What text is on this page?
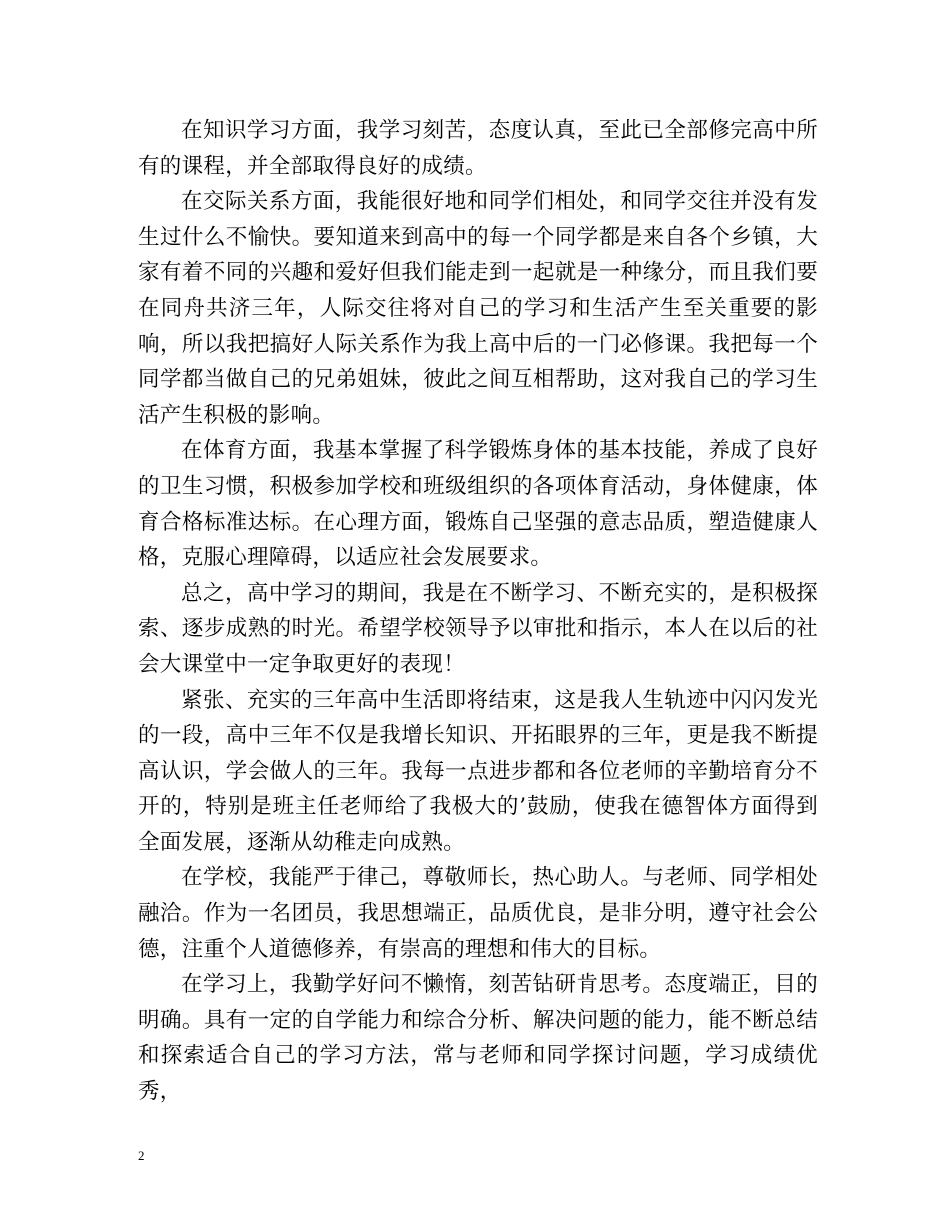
在知识学习方面，我学习刻苦，态度认真，至此已全部修完高中所有的课程，并全部取得良好的成绩。

在交际关系方面，我能很好地和同学们相处，和同学交往并没有发生过什么不愉快。要知道来到高中的每一个同学都是来自各个乡镇，大家有着不同的兴趣和爱好但我们能走到一起就是一种缘分，而且我们要在同舟共济三年，人际交往将对自己的学习和生活产生至关重要的影响，所以我把搞好人际关系作为我上高中后的一门必修课。我把每一个同学都当做自己的兄弟姐妹，彼此之间互相帮助，这对我自己的学习生活产生积极的影响。

在体育方面，我基本掌握了科学锻炼身体的基本技能，养成了良好的卫生习惯，积极参加学校和班级组织的各项体育活动，身体健康，体育合格标准达标。在心理方面，锻炼自己坚强的意志品质，塑造健康人格，克服心理障碍，以适应社会发展要求。

总之，高中学习的期间，我是在不断学习、不断充实的，是积极探索、逐步成熟的时光。希望学校领导予以审批和指示，本人在以后的社会大课堂中一定争取更好的表现！

紧张、充实的三年高中生活即将结束，这是我人生轨迹中闪闪发光的一段，高中三年不仅是我增长知识、开拓眼界的三年，更是我不断提高认识，学会做人的三年。我每一点进步都和各位老师的辛勤培育分不开的，特别是班主任老师给了我极大的’鼓励，使我在德智体方面得到全面发展，逐渐从幼稚走向成熟。

在学校，我能严于律己，尊敬师长，热心助人。与老师、同学相处融洽。作为一名团员，我思想端正，品质优良，是非分明，遵守社会公德，注重个人道德修养，有崇高的理想和伟大的目标。

在学习上，我勤学好问不懒惰，刻苦钻研肯思考。态度端正，目的明确。具有一定的自学能力和综合分析、解决问题的能力，能不断总结和探索适合自己的学习方法，常与老师和同学探讨问题，学习成绩优秀，

2
